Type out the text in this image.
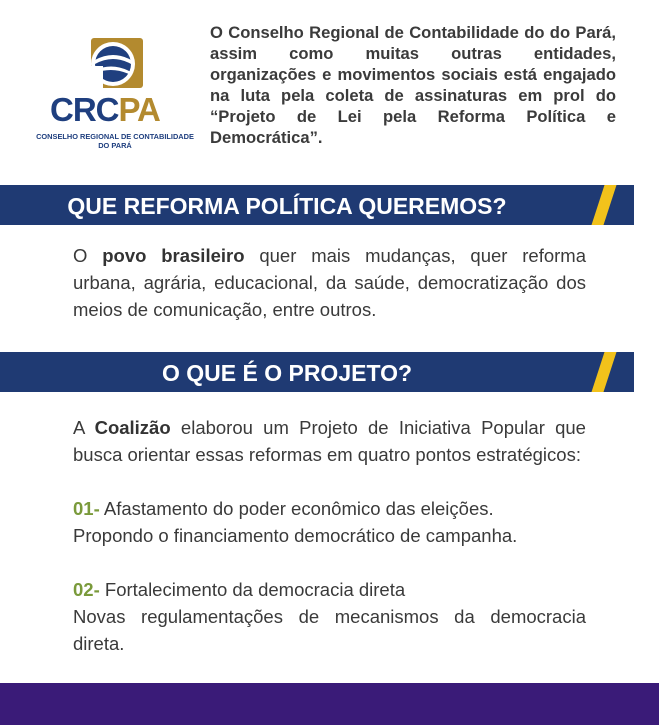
CRCPA
CONSELHO REGIONAL DE CONTABILIDADE
DO PARÁ
O Conselho Regional de Contabilidade do do Pará, assim como muitas outras entidades, organizações e movimentos sociais está engajado na luta pela coleta de assinaturas em prol do “Projeto de Lei pela Reforma Política e Democrática”.
QUE REFORMA POLÍTICA QUEREMOS?
O povo brasileiro quer mais mudanças, quer reforma urbana, agrária, educacional, da saúde, democratização dos meios de comunicação, entre outros.
O QUE É O PROJETO?
A Coalizão elaborou um Projeto de Iniciativa Popular que busca orientar essas reformas em quatro pontos estratégicos:
01- Afastamento do poder econômico das eleições.
Propondo o financiamento democrático de campanha.
02- Fortalecimento da democracia direta
Novas regulamentações de mecanismos da democracia direta.
